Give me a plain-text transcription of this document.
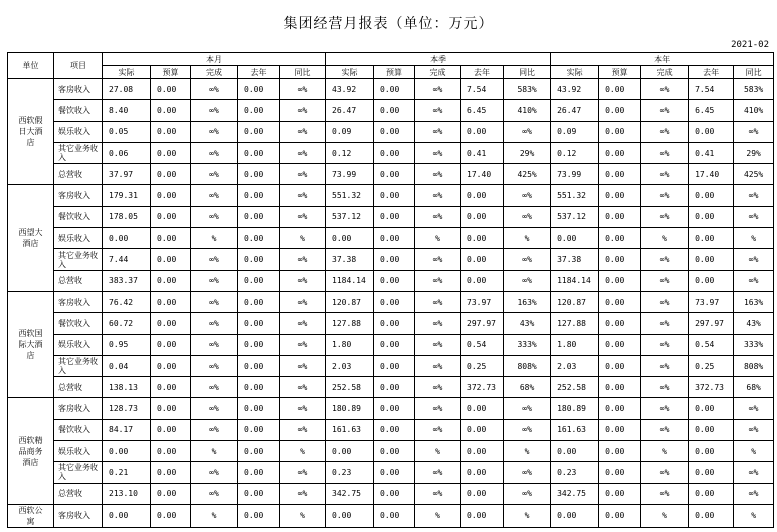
集团经营月报表（单位：万元）
2021-02
单位	项目	本月					本季					本年				
		实际	预算	完成	去年	同比	实际	预算	完成	去年	同比	实际	预算	完成	去年	同比
西软假日大酒店	客房收入	27.08	0.00	∞%	0.00	∞%	43.92	0.00	∞%	7.54	583%	43.92	0.00	∞%	7.54	583%
	餐饮收入	8.40	0.00	∞%	0.00	∞%	26.47	0.00	∞%	6.45	410%	26.47	0.00	∞%	6.45	410%
	娱乐收入	0.05	0.00	∞%	0.00	∞%	0.09	0.00	∞%	0.00	∞%	0.09	0.00	∞%	0.00	∞%
	其它业务收入	0.06	0.00	∞%	0.00	∞%	0.12	0.00	∞%	0.41	29%	0.12	0.00	∞%	0.41	29%
	总营收	37.97	0.00	∞%	0.00	∞%	73.99	0.00	∞%	17.40	425%	73.99	0.00	∞%	17.40	425%
西望大酒店	客房收入	179.31	0.00	∞%	0.00	∞%	551.32	0.00	∞%	0.00	∞%	551.32	0.00	∞%	0.00	∞%
	餐饮收入	178.05	0.00	∞%	0.00	∞%	537.12	0.00	∞%	0.00	∞%	537.12	0.00	∞%	0.00	∞%
	娱乐收入	0.00	0.00	%	0.00	%	0.00	0.00	%	0.00	%	0.00	0.00	%	0.00	%
	其它业务收入	7.44	0.00	∞%	0.00	∞%	37.38	0.00	∞%	0.00	∞%	37.38	0.00	∞%	0.00	∞%
	总营收	383.37	0.00	∞%	0.00	∞%	1184.14	0.00	∞%	0.00	∞%	1184.14	0.00	∞%	0.00	∞%
西软国际大酒店	客房收入	76.42	0.00	∞%	0.00	∞%	120.87	0.00	∞%	73.97	163%	120.87	0.00	∞%	73.97	163%
	餐饮收入	60.72	0.00	∞%	0.00	∞%	127.88	0.00	∞%	297.97	43%	127.88	0.00	∞%	297.97	43%
	娱乐收入	0.95	0.00	∞%	0.00	∞%	1.80	0.00	∞%	0.54	333%	1.80	0.00	∞%	0.54	333%
	其它业务收入	0.04	0.00	∞%	0.00	∞%	2.03	0.00	∞%	0.25	808%	2.03	0.00	∞%	0.25	808%
	总营收	138.13	0.00	∞%	0.00	∞%	252.58	0.00	∞%	372.73	68%	252.58	0.00	∞%	372.73	68%
西软精品商务酒店	客房收入	128.73	0.00	∞%	0.00	∞%	180.89	0.00	∞%	0.00	∞%	180.89	0.00	∞%	0.00	∞%
	餐饮收入	84.17	0.00	∞%	0.00	∞%	161.63	0.00	∞%	0.00	∞%	161.63	0.00	∞%	0.00	∞%
	娱乐收入	0.00	0.00	%	0.00	%	0.00	0.00	%	0.00	%	0.00	0.00	%	0.00	%
	其它业务收入	0.21	0.00	∞%	0.00	∞%	0.23	0.00	∞%	0.00	∞%	0.23	0.00	∞%	0.00	∞%
	总营收	213.10	0.00	∞%	0.00	∞%	342.75	0.00	∞%	0.00	∞%	342.75	0.00	∞%	0.00	∞%
西软公寓	客房收入	0.00	0.00	%	0.00	%	0.00	0.00	%	0.00	%	0.00	0.00	%	0.00	%
